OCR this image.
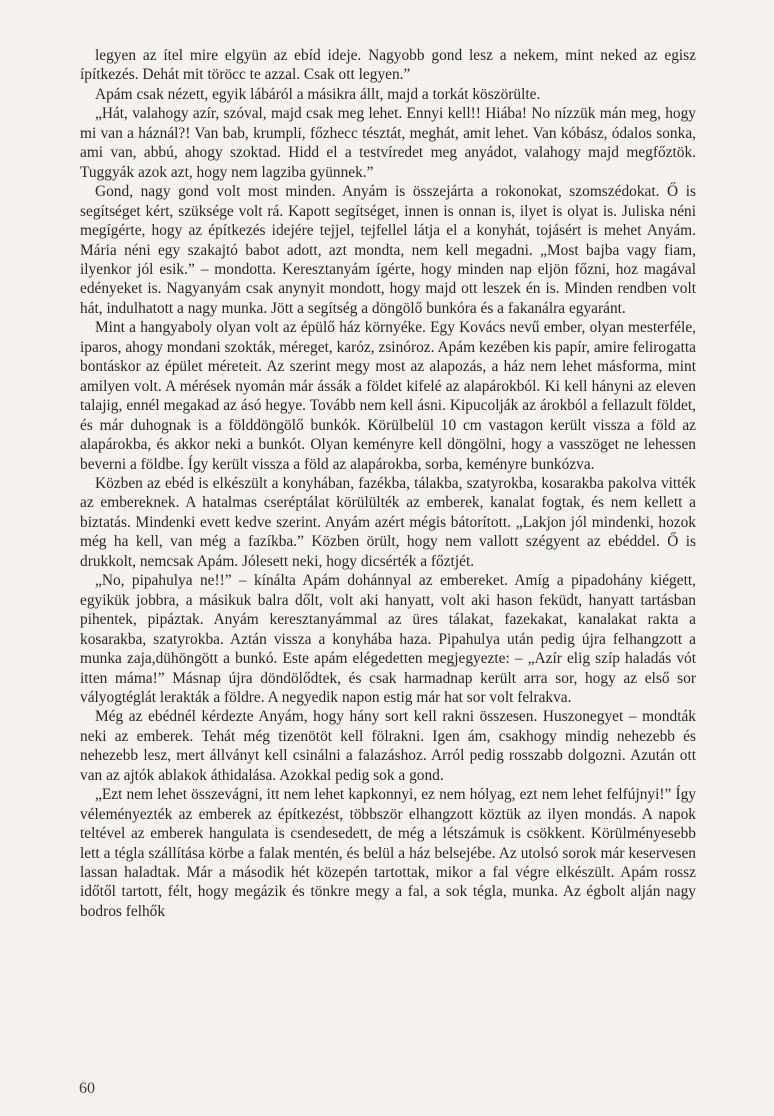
legyen az ítel mire elgyün az ebíd ideje. Nagyobb gond lesz a nekem, mint neked az egisz ípítkezés. Dehát mit töröcc te azzal. Csak ott legyen.”

Apám csak nézett, egyik lábáról a másikra állt, majd a torkát köszörülte.

„Hát, valahogy azír, szóval, majd csak meg lehet. Ennyi kell!! Hiába! No nízzük mán meg, hogy mi van a háznál?! Van bab, krumpli, főzhecc tésztát, meghát, amit lehet. Van kóbász, ódalos sonka, ami van, abbú, ahogy szoktad. Hidd el a testvíredet meg anyádot, valahogy majd megfőztök. Tuggyák azok azt, hogy nem lagziba gyünnek.”

Gond, nagy gond volt most minden. Anyám is összejárta a rokonokat, szomszédokat. Ő is segítséget kért, szüksége volt rá. Kapott segítséget, innen is onnan is, ilyet is olyat is. Juliska néni megígérte, hogy az építkezés idejére tejjel, tejfellel látja el a konyhát, tojásért is mehet Anyám. Mária néni egy szakajtó babot adott, azt mondta, nem kell megadni. „Most bajba vagy fiam, ilyenkor jól esik.” – mondotta. Keresztanyám ígérte, hogy minden nap eljön főzni, hoz magával edényeket is. Nagyanyám csak anynyit mondott, hogy majd ott leszek én is. Minden rendben volt hát, indulhatott a nagy munka. Jött a segítség a döngölő bunkóra és a fakanálra egyaránt.

Mint a hangyaboly olyan volt az épülő ház környéke. Egy Kovács nevű ember, olyan mesterféle, iparos, ahogy mondani szokták, méreget, karóz, zsinóroz. Apám kezében kis papír, amire felirogatta bontáskor az épület méreteit. Az szerint megy most az alapozás, a ház nem lehet másforma, mint amilyen volt. A mérések nyomán már ássák a földet kifelé az alapárokból. Ki kell hányni az eleven talajig, ennél megakad az ásó hegye. Tovább nem kell ásni. Kipucolják az árokból a fellazult földet, és már duhognak is a földdöngölő bunkók. Körülbelül 10 cm vastagon került vissza a föld az alapárokba, és akkor neki a bunkót. Olyan keményre kell döngölni, hogy a vasszöget ne lehessen beverni a földbe. Így került vissza a föld az alapárokba, sorba, keményre bunkózva.

Közben az ebéd is elkészült a konyhában, fazékba, tálakba, szatyrokba, kosarakba pakolva vitték az embereknek. A hatalmas cseréptálat körülülték az emberek, kanalat fogtak, és nem kellett a biztatás. Mindenki evett kedve szerint. Anyám azért mégis bátorított. „Lakjon jól mindenki, hozok még ha kell, van még a fazíkba.” Közben örült, hogy nem vallott szégyent az ebéddel. Ő is drukkolt, nemcsak Apám. Jólesett neki, hogy dicsérték a főztjét.

„No, pipahulya ne!!” – kínálta Apám dohánnyal az embereket. Amíg a pipadohány kiégett, egyikük jobbra, a másikuk balra dőlt, volt aki hanyatt, volt aki hason feküdt, hanyatt tartásban pihentek, pipáztak. Anyám keresztanyámmal az üres tálakat, fazekakat, kanalakat rakta a kosarakba, szatyrokba. Aztán vissza a konyhába haza. Pipahulya után pedig újra felhangzott a munka zaja,dühöngött a bunkó. Este apám elégedetten megjegyezte: – „Azír elig szíp haladás vót itten máma!” Másnap újra döndölődtek, és csak harmadnap került arra sor, hogy az első sor vályogtéglát lerakták a földre. A negyedik napon estig már hat sor volt felrakva.

Még az ebédnél kérdezte Anyám, hogy hány sort kell rakni összesen. Huszonegyet – mondták neki az emberek. Tehát még tizenötöt kell fölrakni. Igen ám, csakhogy mindig nehezebb és nehezebb lesz, mert állványt kell csinálni a falazáshoz. Arról pedig rosszabb dolgozni. Azután ott van az ajtók ablakok áthidalása. Azokkal pedig sok a gond.

„Ezt nem lehet összevágni, itt nem lehet kapkonnyi, ez nem hólyag, ezt nem lehet felfújnyi!” Így véleményezték az emberek az építkezést, többször elhangzott köztük az ilyen mondás. A napok teltével az emberek hangulata is csendesedett, de még a létszámuk is csökkent. Körülményesebb lett a tégla szállítása körbe a falak mentén, és belül a ház belsejébe. Az utolsó sorok már keservesen lassan haladtak. Már a második hét közepén tartottak, mikor a fal végre elkészült. Apám rossz időtől tartott, félt, hogy megázik és tönkre megy a fal, a sok tégla, munka. Az égbolt alján nagy bodros felhők

60
